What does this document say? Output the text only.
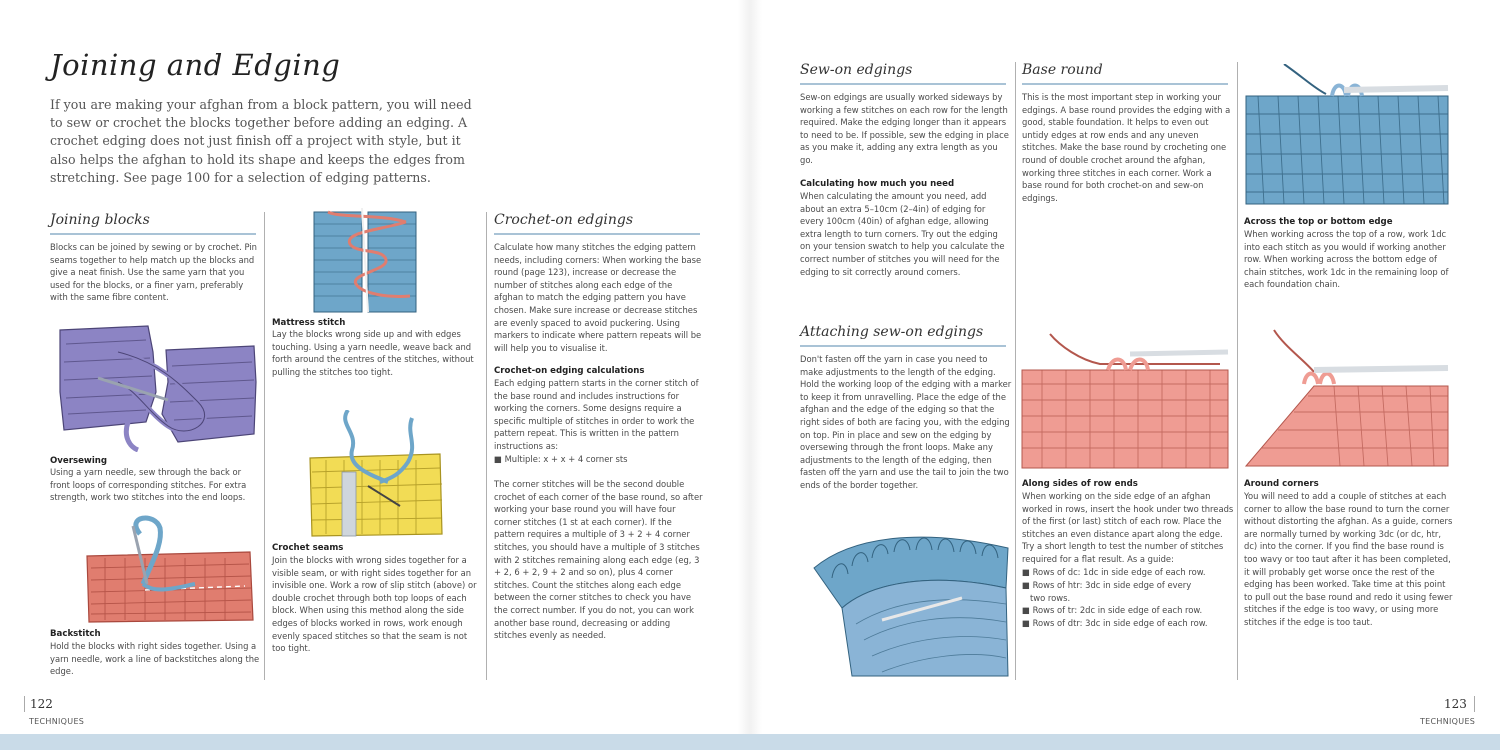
Joining and Edging
If you are making your afghan from a block pattern, you will need to sew or crochet the blocks together before adding an edging. A crochet edging does not just finish off a project with style, but it also helps the afghan to hold its shape and keeps the edges from stretching. See page 100 for a selection of edging patterns.
Joining blocks
Blocks can be joined by sewing or by crochet. Pin seams together to help match up the blocks and give a neat finish. Use the same yarn that you used for the blocks, or a finer yarn, preferably with the same fibre content.
Oversewing
Using a yarn needle, sew through the back or front loops of corresponding stitches. For extra strength, work two stitches into the end loops.
Backstitch
Hold the blocks with right sides together. Using a yarn needle, work a line of backstitches along the edge.
Mattress stitch
Lay the blocks wrong side up and with edges touching. Using a yarn needle, weave back and forth around the centres of the stitches, without pulling the stitches too tight.
Crochet seams
Join the blocks with wrong sides together for a visible seam, or with right sides together for an invisible one. Work a row of slip stitch (above) or double crochet through both top loops of each block. When using this method along the side edges of blocks worked in rows, work enough evenly spaced stitches so that the seam is not too tight.
Crochet-on edgings
Calculate how many stitches the edging pattern needs, including corners: When working the base round (page 123), increase or decrease the number of stitches along each edge of the afghan to match the edging pattern you have chosen. Make sure increase or decrease stitches are evenly spaced to avoid puckering. Using markers to indicate where pattern repeats will be will help you to visualise it.
Crochet-on edging calculations
Each edging pattern starts in the corner stitch of the base round and includes instructions for working the corners. Some designs require a specific multiple of stitches in order to work the pattern repeat. This is written in the pattern instructions as:
■ Multiple: x + x + 4 corner sts
The corner stitches will be the second double crochet of each corner of the base round, so after working your base round you will have four corner stitches (1 st at each corner). If the pattern requires a multiple of 3 + 2 + 4 corner stitches, you should have a multiple of 3 stitches with 2 stitches remaining along each edge (eg, 3 + 2, 6 + 2, 9 + 2 and so on), plus 4 corner stitches. Count the stitches along each edge between the corner stitches to check you have the correct number. If you do not, you can work another base round, decreasing or adding stitches evenly as needed.
122
TECHNIQUES
Sew-on edgings
Sew-on edgings are usually worked sideways by working a few stitches on each row for the length required. Make the edging longer than it appears to need to be. If possible, sew the edging in place as you make it, adding any extra length as you go.
Calculating how much you need
When calculating the amount you need, add about an extra 5–10cm (2–4in) of edging for every 100cm (40in) of afghan edge, allowing extra length to turn corners. Try out the edging on your tension swatch to help you calculate the correct number of stitches you will need for the edging to sit correctly around corners.
Attaching sew-on edgings
Don't fasten off the yarn in case you need to make adjustments to the length of the edging. Hold the working loop of the edging with a marker to keep it from unravelling. Place the edge of the afghan and the edge of the edging so that the right sides of both are facing you, with the edging on top. Pin in place and sew on the edging by oversewing through the front loops. Make any adjustments to the length of the edging, then fasten off the yarn and use the tail to join the two ends of the border together.
Base round
This is the most important step in working your edgings. A base round provides the edging with a good, stable foundation. It helps to even out untidy edges at row ends and any uneven stitches. Make the base round by crocheting one round of double crochet around the afghan, working three stitches in each corner. Work a base round for both crochet-on and sew-on edgings.
Along sides of row ends
When working on the side edge of an afghan worked in rows, insert the hook under two threads of the first (or last) stitch of each row. Place the stitches an even distance apart along the edge. Try a short length to test the number of stitches required for a flat result. As a guide:
■ Rows of dc: 1dc in side edge of each row.
■ Rows of htr: 3dc in side edge of every
two rows.
■ Rows of tr: 2dc in side edge of each row.
■ Rows of dtr: 3dc in side edge of each row.
Across the top or bottom edge
When working across the top of a row, work 1dc into each stitch as you would if working another row. When working across the bottom edge of chain stitches, work 1dc in the remaining loop of each foundation chain.
Around corners
You will need to add a couple of stitches at each corner to allow the base round to turn the corner without distorting the afghan. As a guide, corners are normally turned by working 3dc (or dc, htr, dc) into the corner. If you find the base round is too wavy or too taut after it has been completed, it will probably get worse once the rest of the edging has been worked. Take time at this point to pull out the base round and redo it using fewer stitches if the edge is too wavy, or using more stitches if the edge is too taut.
123
TECHNIQUES
